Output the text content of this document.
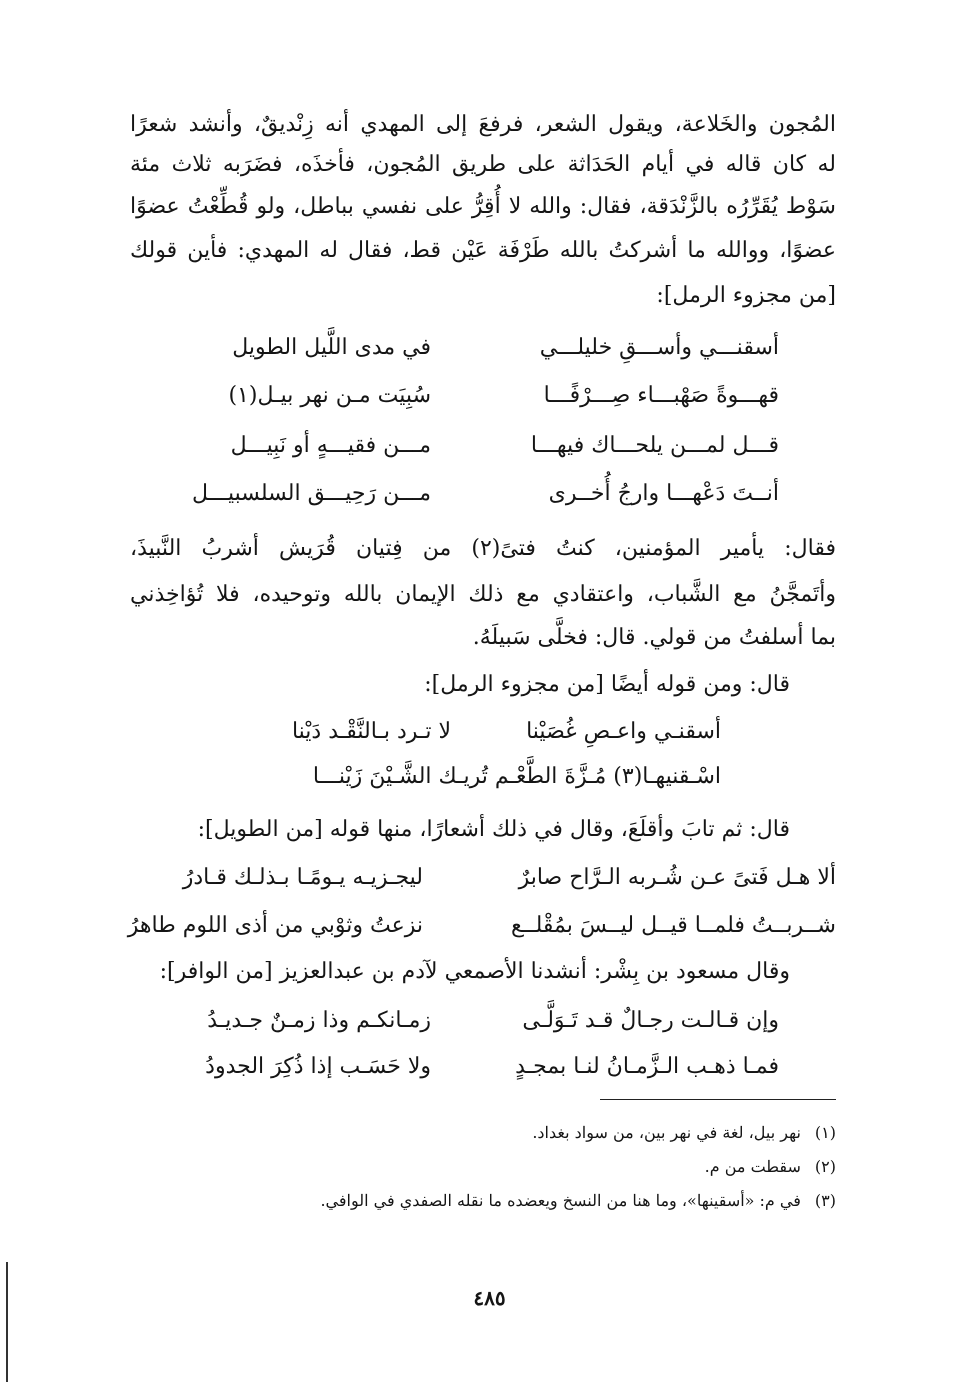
المُجون والخَلاعة، ويقول الشعر، فرفعَ إلى المهدي أنه زِنْديقٌ، وأنشد شعرًا
له كان قاله في أيام الحَدَاثة على طريق المُجون، فأخذَه، فضَرَبه ثلاث مئة
سَوْط يُقَرِّرُه بالزَّنْدَقة، فقال: والله لا أُقِرُّ على نفسي بباطل، ولو قُطِّعْتُ عضوًا
عضوًا، ووالله ما أشركتُ بالله طَرْفَة عَيْن قط، فقال له المهدي: فأين قولك
[من مجزوء الرمل]:
أسقنـــي وأســـقِ خليلـــي
في مدى اللَّيل الطويل
قهـــوةً صَهْبـــاء صِـــرْفًـــا
سُبِيَت مـن نهر بيـل(١)
قـــل لمـــن يلحـــاك فيهـــا
مـــن فقيـــهٍ أو نَبِيـــل
أنــتَ دَعْهـــا وارجُ أُخــرى
مـــن رَحِيـــق السلسبيـــل
فقال: يأمير المؤمنين، كنتُ فتىً(٢) من فِتيان قُرَيش أشربُ النَّبيذَ،
وأتَمجَّنُ مع الشَّباب، واعتقادي مع ذلك الإيمان بالله وتوحيده، فلا تُؤاخِذني
بما أسلفتُ من قولي. قال: فخلَّى سَبيلَهُ.
قال: ومن قوله أيضًا [من مجزوء الرمل]:
أسقنـي واعـصِ غُصَيْنا
لا تـرد بـالنَّقْـد دَيْنا
اسْـقنيهـا(٣) مُـزَّةَ الطَّعْـم تُريـك الشَّـيْنَ زَيْنـــا
قال: ثم تابَ وأقلَعَ، وقال في ذلك أشعارًا، منها قوله [من الطويل]:
ألا هـل فَتىً عـن شُـربه الـرَّاح صابرٌ
ليجـزيـه يـومًـا بـذلـك قـادرُ
شــربــتُ فلمــا قيــل ليــسَ بمُقْلــع
نزعتُ وثوْبي من أذى اللوم طاهرُ
وقال مسعود بن بِشْر: أنشدنا الأصمعي لآدم بن عبدالعزيز [من الوافر]:
وإن قـالـت رجـالٌ قـد تَـوَلَّـى
زمـانكـم وذا زمـنٌ جـديـدُ
فمـا ذهـب الـزَّمـانُ لنـا بمجـدٍ
ولا حَسَـب إذا ذُكِرَ الجدودُ
(١)نهر بيل، لغة في نهر بين، من سواد بغداد.
(٢)سقطت من م.
(٣)في م: «أسقينها»، وما هنا من النسخ ويعضده ما نقله الصفدي في الوافي.
٤٨٥
